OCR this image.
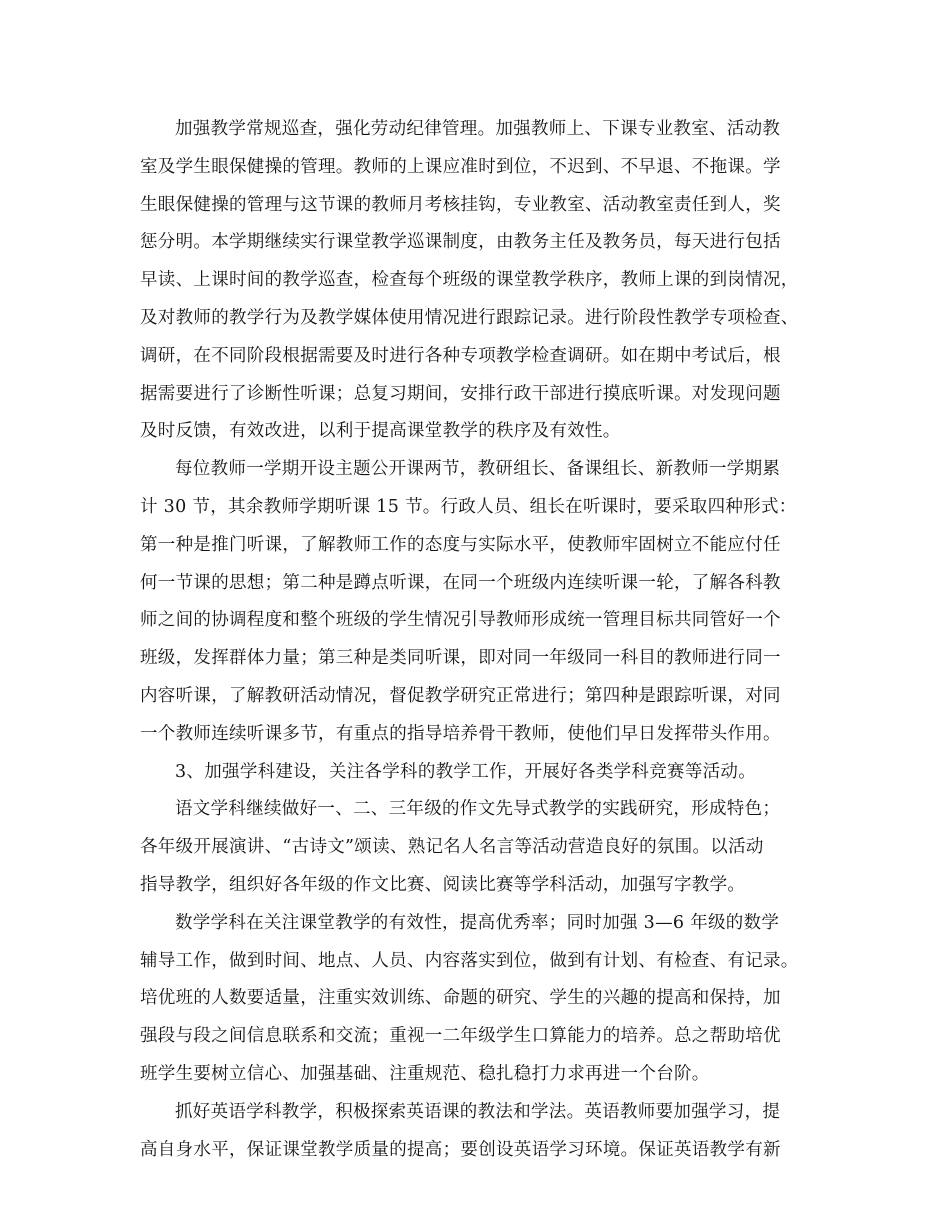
加强教学常规巡查，强化劳动纪律管理。加强教师上、下课专业教室、活动教
室及学生眼保健操的管理。教师的上课应准时到位，不迟到、不早退、不拖课。学
生眼保健操的管理与这节课的教师月考核挂钩，专业教室、活动教室责任到人，奖
惩分明。本学期继续实行课堂教学巡课制度，由教务主任及教务员，每天进行包括
早读、上课时间的教学巡查，检查每个班级的课堂教学秩序，教师上课的到岗情况，
及对教师的教学行为及教学媒体使用情况进行跟踪记录。进行阶段性教学专项检查、
调研，在不同阶段根据需要及时进行各种专项教学检查调研。如在期中考试后，根
据需要进行了诊断性听课；总复习期间，安排行政干部进行摸底听课。对发现问题
及时反馈，有效改进，以利于提高课堂教学的秩序及有效性。
每位教师一学期开设主题公开课两节，教研组长、备课组长、新教师一学期累
计 30 节，其余教师学期听课 15 节。行政人员、组长在听课时，要采取四种形式：
第一种是推门听课，了解教师工作的态度与实际水平，使教师牢固树立不能应付任
何一节课的思想；第二种是蹲点听课，在同一个班级内连续听课一轮，了解各科教
师之间的协调程度和整个班级的学生情况引导教师形成统一管理目标共同管好一个
班级，发挥群体力量；第三种是类同听课，即对同一年级同一科目的教师进行同一
内容听课，了解教研活动情况，督促教学研究正常进行；第四种是跟踪听课，对同
一个教师连续听课多节，有重点的指导培养骨干教师，使他们早日发挥带头作用。
3、加强学科建设，关注各学科的教学工作，开展好各类学科竞赛等活动。
语文学科继续做好一、二、三年级的作文先导式教学的实践研究，形成特色；
各年级开展演讲、“古诗文”颂读、熟记名人名言等活动营造良好的氛围。以活动
指导教学，组织好各年级的作文比赛、阅读比赛等学科活动，加强写字教学。
数学学科在关注课堂教学的有效性，提高优秀率；同时加强 3—6 年级的数学
辅导工作，做到时间、地点、人员、内容落实到位，做到有计划、有检查、有记录。
培优班的人数要适量，注重实效训练、命题的研究、学生的兴趣的提高和保持，加
强段与段之间信息联系和交流；重视一二年级学生口算能力的培养。总之帮助培优
班学生要树立信心、加强基础、注重规范、稳扎稳打力求再进一个台阶。
抓好英语学科教学，积极探索英语课的教法和学法。英语教师要加强学习，提
高自身水平，保证课堂教学质量的提高；要创设英语学习环境。保证英语教学有新
